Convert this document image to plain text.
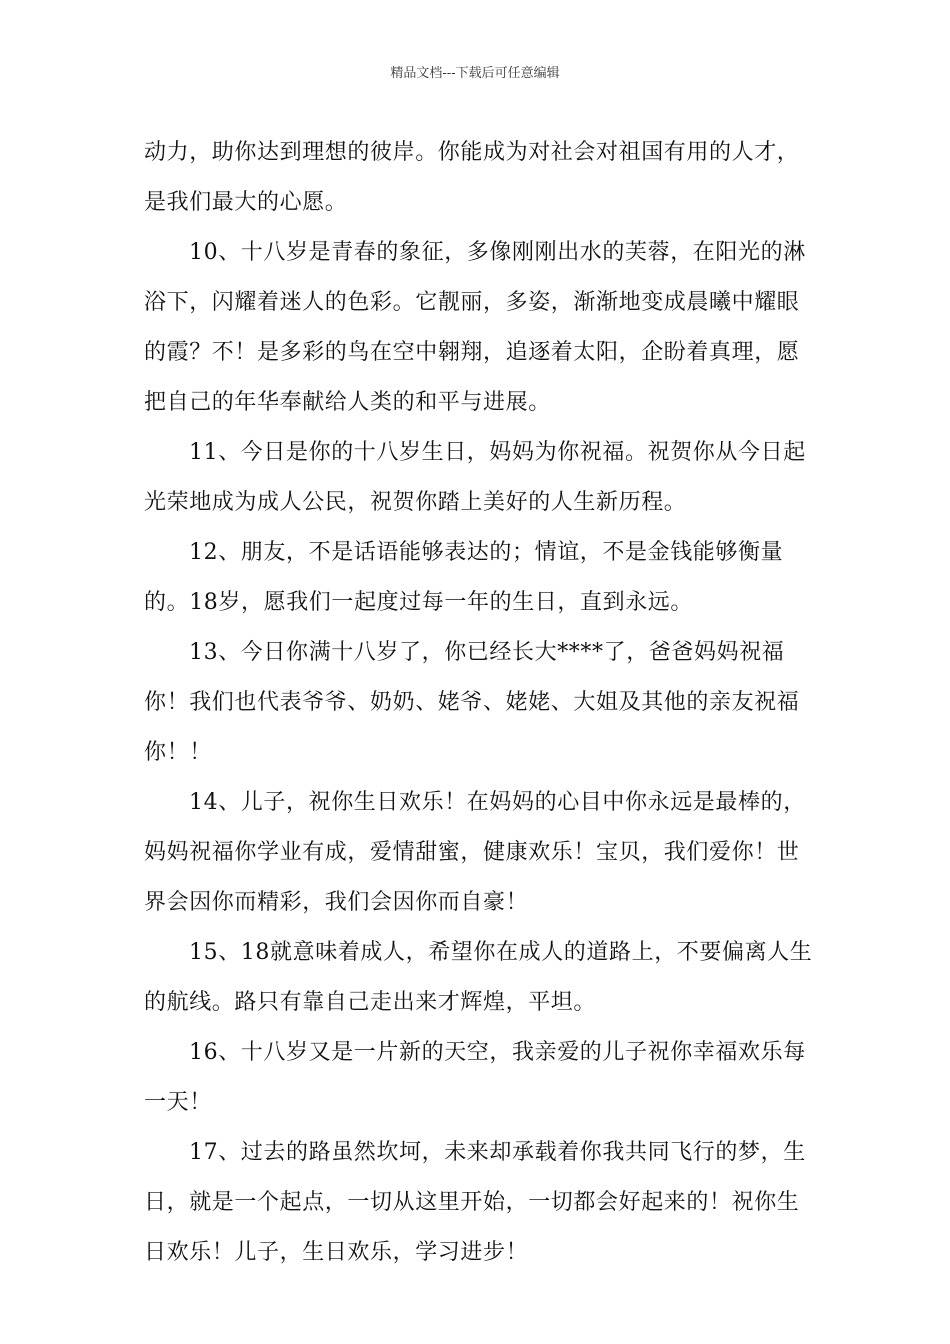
精品文档---下载后可任意编辑

动力，助你达到理想的彼岸。你能成为对社会对祖国有用的人才，是我们最大的心愿。

10、十八岁是青春的象征，多像刚刚出水的芙蓉，在阳光的淋浴下，闪耀着迷人的色彩。它靓丽，多姿，渐渐地变成晨曦中耀眼的霞？不！是多彩的鸟在空中翱翔，追逐着太阳，企盼着真理，愿把自己的年华奉献给人类的和平与进展。

11、今日是你的十八岁生日，妈妈为你祝福。祝贺你从今日起光荣地成为成人公民，祝贺你踏上美好的人生新历程。

12、朋友，不是话语能够表达的；情谊，不是金钱能够衡量的。18岁，愿我们一起度过每一年的生日，直到永远。

13、今日你满十八岁了，你已经长大****了，爸爸妈妈祝福你！我们也代表爷爷、奶奶、姥爷、姥姥、大姐及其他的亲友祝福你！！

14、儿子，祝你生日欢乐！在妈妈的心目中你永远是最棒的，妈妈祝福你学业有成，爱情甜蜜，健康欢乐！宝贝，我们爱你！世界会因你而精彩，我们会因你而自豪！

15、18就意味着成人，希望你在成人的道路上，不要偏离人生的航线。路只有靠自己走出来才辉煌，平坦。

16、十八岁又是一片新的天空，我亲爱的儿子祝你幸福欢乐每一天！

17、过去的路虽然坎坷，未来却承载着你我共同飞行的梦，生日，就是一个起点，一切从这里开始，一切都会好起来的！祝你生日欢乐！儿子，生日欢乐，学习进步！
